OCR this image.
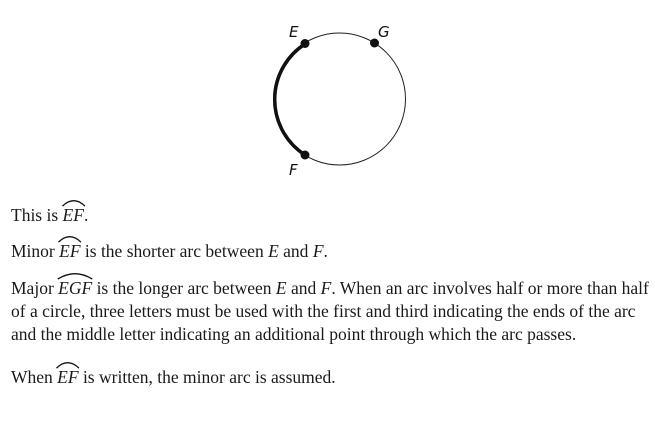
E	G
F

This is EF
.

Minor EF
is the shorter arc between E and F.

Major EGF
is the longer arc between E and F. When an arc involves half or more than half of a circle, three letters must be used with the first and third indicating the ends of the arc and the middle letter indicating an additional point through which the arc passes.

When EF
is written, the minor arc is assumed.
